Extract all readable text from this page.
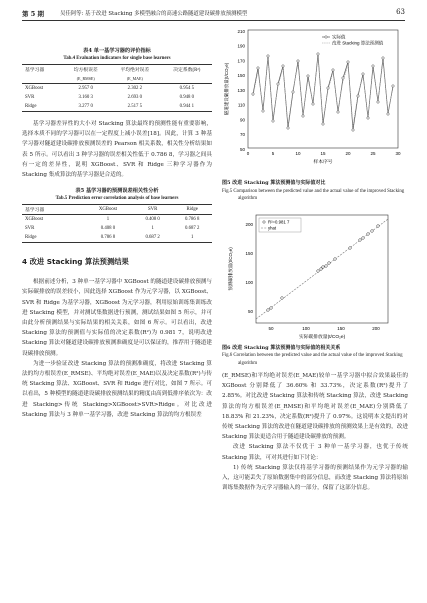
第 5 期	吴佳阿等: 基于改进 Stacking 多模型融合的高速公路隧道建设碳排放预测模型	63

表4 单一基学习器的评价指标

Tab.4 Evaluation indicators for single base learners

基学习器	均方根误差	平均绝对误差	决定系数(R²)
	(E_RMSE)	(E_MAE)	
XGBoost	2.957 0	2.302 2	0.954 5
SVR	3.160 3	2.693 0	0.948 0
Ridge	3.277 0	2.517 5	0.944 1

基学习器差异性的大小对 Stacking 算法最终的预测性能有重要影响，选择本质不同的学习器可以在一定程度上减小误差[18]。因此，计算 3 种基学习器对隧道建设碳排放预测误差的 Pearson 相关系数，相关性分析结果如表 5 所示。可以看出 3 种学习器的误差相关性低于 0.786 8，学习器之间具有一定的差异性，说明 XGBoost、SVR 和 Ridge 三种学习器作为 Stacking 集成算法的基学习器是合适的。

表5 基学习器的预测误差相关性分析

Tab.5 Prediction error correlation analysis of base learners

基学习器	XGBoost	SVR	Ridge
XGBoost	1	0.408 0	0.786 8
SVR	0.408 0	1	0.687 2
Ridge	0.786 8	0.687 2	1

4 改进 Stacking 算法预测结果

根据前述分析，3 种单一基学习器中 XGBoost 的隧道建设碳排放预测与实际碳排放的误差较小，因此选择 XGBoost 作为元学习器，以 XGBoost、SVR 和 Ridge 为基学习器，XGBoost 为元学习器，利用原始训练集训练改进 Stacking 模型，并对测试集数据进行预测，测试结果如图 5 所示，并可由此分析预测结果与实际结果的相关关系，如图 6 所示。可以看出，改进 Stacking 算法的预测值与实际值的决定系数(R²)为 0.981 7，说明改进 Stacking 算法对隧道建设碳排放预测准确度是可以保证的，推荐用于隧道建设碳排放预测。

为进一步验证改进 Stacking 算法的预测准确度，将改进 Stacking 算法的均方根误差(E_RMSE)、平均绝对误差(E_MAE)以及决定系数(R²)与传统 Stacking 算法、XGBoost、SVR 和 Ridge 进行对比，如图 7 所示。可以看出，5 种模型的隧道建设碳排放预测结果的精度由高到低排序依次为：改进 Stacking>传统 Stacking>XGBoost>SVR>Ridge。对比改进 Stacking 算法与 3 种单一基学习器，改进 Stacking 算法的均方根误差

隧道建设碳排放量(t/CO₂e)
210
190
170
150
130
110
90
70
50
0	5	10	15	20	25	30
样本序号
实际值
改进 Stacking 算法预测值

图5 改进 Stacking 算法预测值与实际值对比

Fig.5 Comparison between the predicted value and the actual value of the improved Stacking algorithm

预测碳排放量(t/CO₂e)
50
100
150
200
50	100	150	200
实际碳排放量(t/CO₂e)
R²=0.981 7
yhat

图6 改进 Stacking 算法预测值与实际值的相关关系

Fig.6 Correlation between the predicted value and the actual value of the improved Stacking algorithm

(E_RMSE)和平均绝对误差(E_MAE)较单一基学习器中拟合效果最佳的 XGBoost 分别降低了 36.60% 和 33.73%，决定系数(R²)提升了 2.85%。对比改进 Stacking 算法和传统 Stacking 算法，改进 Stacking 算法的均方根误差(E_RMSE)和平均绝对误差(E_MAE)分别降低了 18.83% 和 21.23%，决定系数(R²)提升了 0.97%。这说明本文提出的对传统 Stacking 算法的改进在隧道建设碳排放的预测效果上是有效的，改进 Stacking 算法更适合用于隧道建设碳排放的预测。

改进 Stacking 算法不仅优于 3 种单一基学习器，也优于传统 Stacking 算法，可对其进行如下讨论：

1) 传统 Stacking 算法仅将基学习器的预测结果作为元学习器的输入，这可能丢失了原始数据集中的部分信息，而改进 Stacking 算法将原始训练集数据作为元学习器输入的一部分，保留了这部分信息。
